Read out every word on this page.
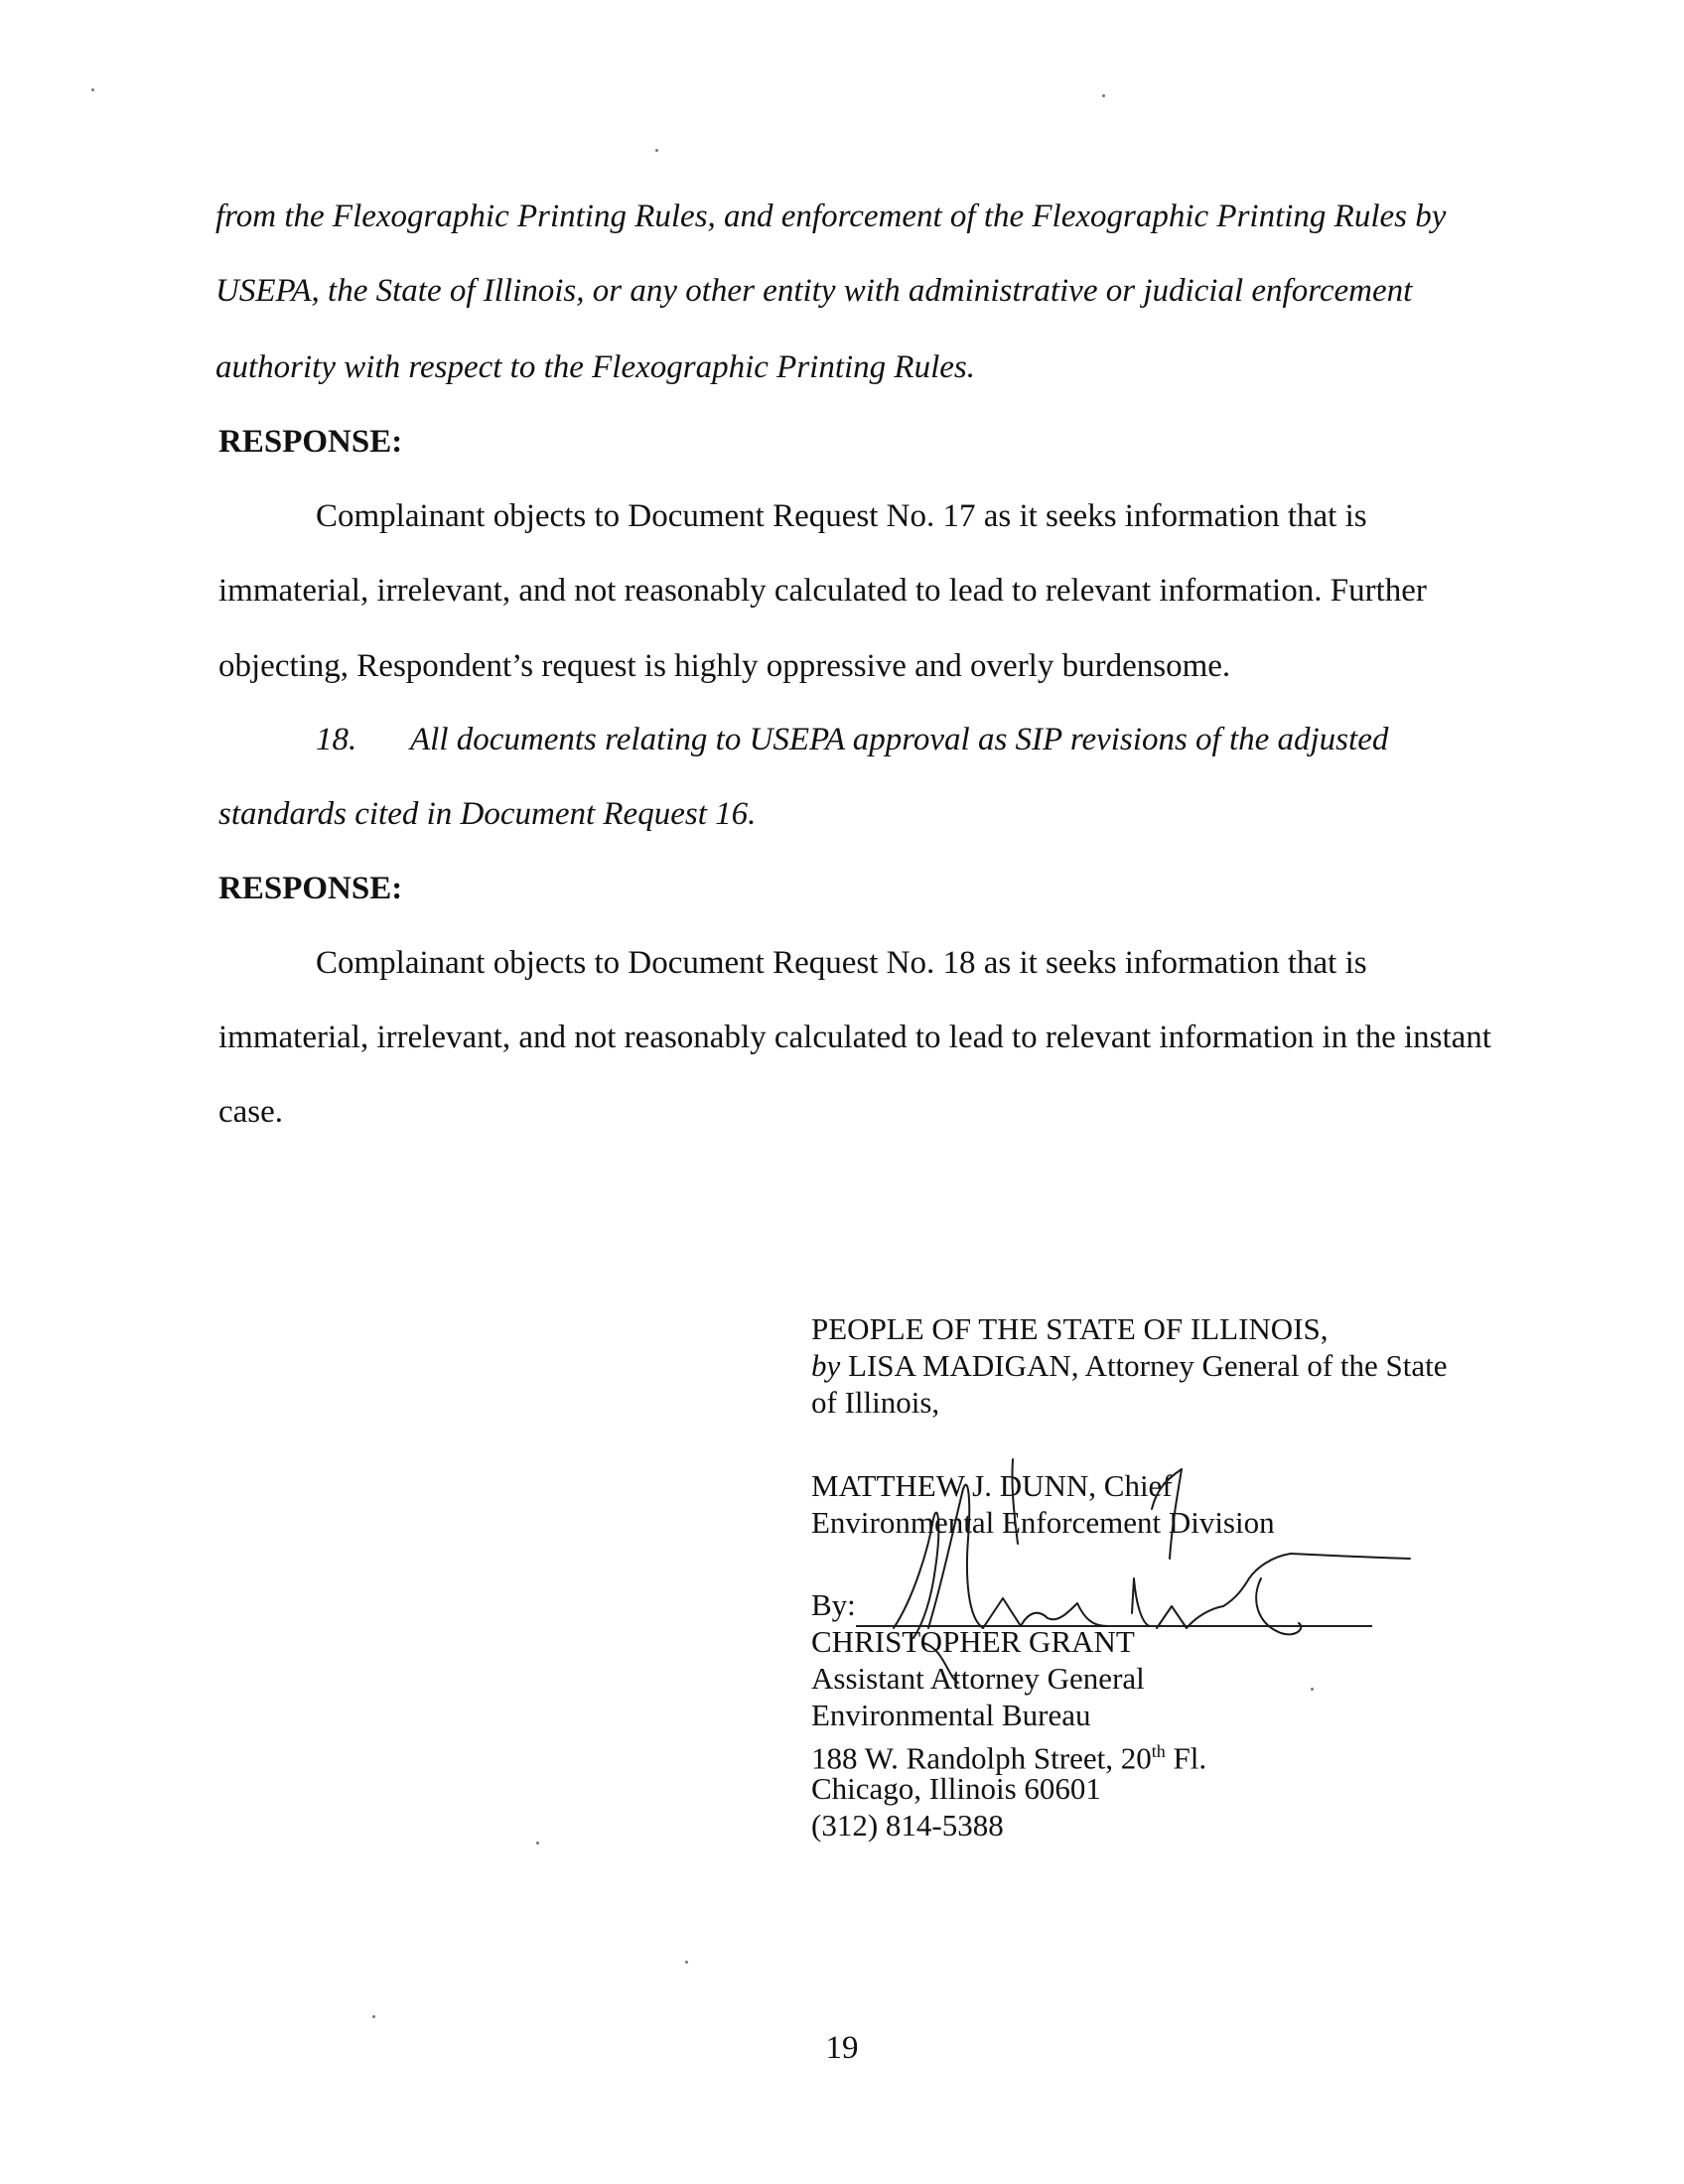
from the Flexographic Printing Rules, and enforcement of the Flexographic Printing Rules by
USEPA, the State of Illinois, or any other entity with administrative or judicial enforcement
authority with respect to the Flexographic Printing Rules.
RESPONSE:
Complainant objects to Document Request No. 17 as it seeks information that is
immaterial, irrelevant, and not reasonably calculated to lead to relevant information. Further
objecting, Respondent’s request is highly oppressive and overly burdensome.
18. All documents relating to USEPA approval as SIP revisions of the adjusted
standards cited in Document Request 16.
RESPONSE:
Complainant objects to Document Request No. 18 as it seeks information that is
immaterial, irrelevant, and not reasonably calculated to lead to relevant information in the instant
case.
PEOPLE OF THE STATE OF ILLINOIS,
by LISA MADIGAN, Attorney General of the State
of Illinois,
MATTHEW J. DUNN, Chief
Environmental Enforcement Division
By:
CHRISTOPHER GRANT
Assistant Attorney General
Environmental Bureau
188 W. Randolph Street, 20th Fl.
Chicago, Illinois 60601
(312) 814-5388
19
